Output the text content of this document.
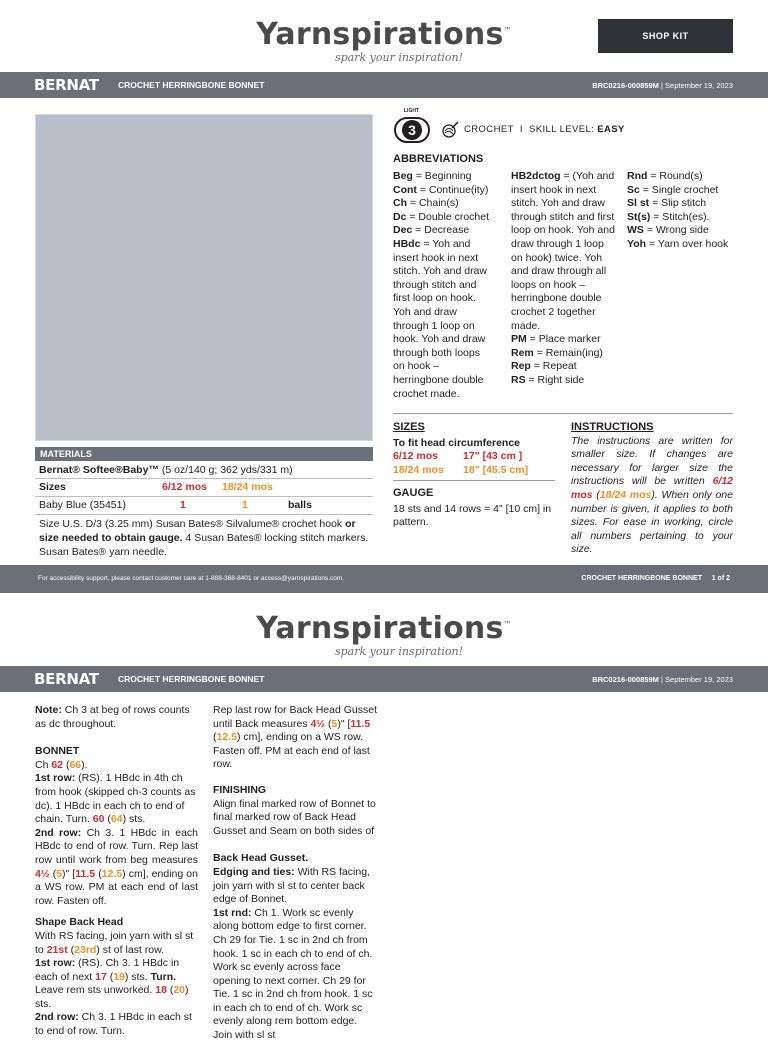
Yarnspirations™
spark your inspiration!
SHOP KIT
BERNAT CROCHET HERRINGBONE BONNET	BRC0216-000859M | September 19, 2023
MATERIALS
Bernat® Softee®Baby™ (5 oz/140 g; 362 yds/331 m)
Sizes	6/12 mos	18/24 mos
Baby Blue (35451)	1	1	balls
Size U.S. D/3 (3.25 mm) Susan Bates® Silvalume® crochet hook or size needed to obtain gauge. 4 Susan Bates® locking stitch markers. Susan Bates® yarn needle.
LIGHT
3	CROCHET I SKILL LEVEL: EASY
ABBREVIATIONS

Beg = Beginning

Cont = Continue(ity)

Ch = Chain(s)

Dc = Double crochet

Dec = Decrease

HBdc = Yoh and insert hook in next stitch. Yoh and draw through stitch and first loop on hook. Yoh and draw through 1 loop on hook. Yoh and draw through both loops on hook – herringbone double crochet made.

HB2dctog = (Yoh and insert hook in next stitch. Yoh and draw through stitch and first loop on hook. Yoh and draw through 1 loop on hook) twice. Yoh and draw through all loops on hook – herringbone double crochet 2 together made.

PM = Place marker

Rem = Remain(ing)

Rep = Repeat

RS = Right side

Rnd = Round(s)

Sc = Single crochet

Sl st = Slip stitch

St(s) = Stitch(es).

WS = Wrong side

Yoh = Yarn over hook

SIZES
To fit head circumference
6/12 mos	17" [43 cm ]
18/24 mos	18" [45.5 cm]
GAUGE
18 sts and 14 rows = 4" [10 cm] in pattern.
INSTRUCTIONS

The instructions are written for smaller size. If changes are necessary for larger size the instructions will be written 6/12 mos (18/24 mos). When only one number is given, it applies to both sizes. For ease in working, circle all numbers pertaining to your size.

For accessibility support, please contact customer care at 1-888-368-8401 or access@yarnspirations.com.	CROCHET HERRINGBONE BONNET     1 of 2
Yarnspirations™
spark your inspiration!
BERNAT CROCHET HERRINGBONE BONNET	BRC0216-000859M | September 19, 2023

Note: Ch 3 at beg of rows counts as dc throughout.

BONNET

Ch 62 (66).

1st row: (RS). 1 HBdc in 4th ch from hook (skipped ch-3 counts as dc). 1 HBdc in each ch to end of chain. Turn. 60 (64) sts.

2nd row: Ch 3. 1 HBdc in each HBdc to end of row. Turn. Rep last row until work from beg measures 4½ (5)" [11.5 (12.5) cm], ending on a WS row. PM at each end of last row. Fasten off.

Shape Back Head

With RS facing, join yarn with sl st to 21st (23rd) st of last row.

1st row: (RS). Ch 3. 1 HBdc in each of next 17 (19) sts. Turn. Leave rem sts unworked. 18 (20) sts.

2nd row: Ch 3. 1 HBdc in each st to end of row. Turn.

Rep last row for Back Head Gusset until Back measures 4½ (5)" [11.5 (12.5) cm], ending on a WS row. Fasten off. PM at each end of last row.

FINISHING

Align final marked row of Bonnet to final marked row of Back Head Gusset and Seam on both sides of

Back Head Gusset.

Edging and ties: With RS facing, join yarn with sl st to center back edge of Bonnet.

1st rnd: Ch 1. Work sc evenly along bottom edge to first corner. Ch 29 for Tie. 1 sc in 2nd ch from hook. 1 sc in each ch to end of ch. Work sc evenly across face opening to next corner. Ch 29 for Tie. 1 sc in 2nd ch from hook. 1 sc in each ch to end of ch. Work sc evenly along rem bottom edge. Join with sl st
